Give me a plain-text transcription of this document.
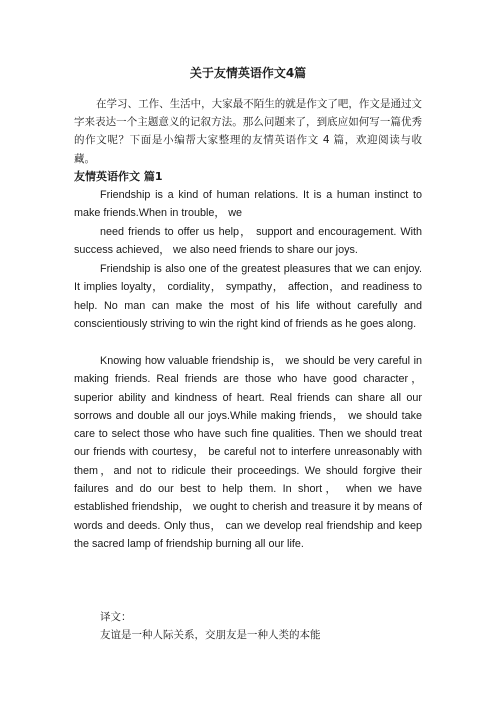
关于友情英语作文4篇

在学习、工作、生活中，大家最不陌生的就是作文了吧，作文是通过文字来表达一个主题意义的记叙方法。那么问题来了，到底应如何写一篇优秀的作文呢？下面是小编帮大家整理的友情英语作文 4 篇，欢迎阅读与收藏。

友情英语作文 篇1

Friendship is a kind of human relations. It is a human instinct to make friends.When in trouble， we

need friends to offer us help， support and encouragement. With success achieved， we also need friends to share our joys.

Friendship is also one of the greatest pleasures that we can enjoy. It implies loyalty， cordiality， sympathy， affection，and readiness to help. No man can make the most of his life without carefully and conscientiously striving to win the right kind of friends as he goes along.

Knowing how valuable friendship is， we should be very careful in making friends. Real friends are those who have good character， superior ability and kindness of heart. Real friends can share all our sorrows and double all our joys.While making friends， we should take care to select those who have such fine qualities. Then we should treat our friends with courtesy， be careful not to interfere unreasonably with them，and not to ridicule their proceedings. We should forgive their failures and do our best to help them. In short， when we have established friendship， we ought to cherish and treasure it by means of words and deeds. Only thus， can we develop real friendship and keep the sacred lamp of friendship burning all our life.

译文：

友谊是一种人际关系，交朋友是一种人类的本能
